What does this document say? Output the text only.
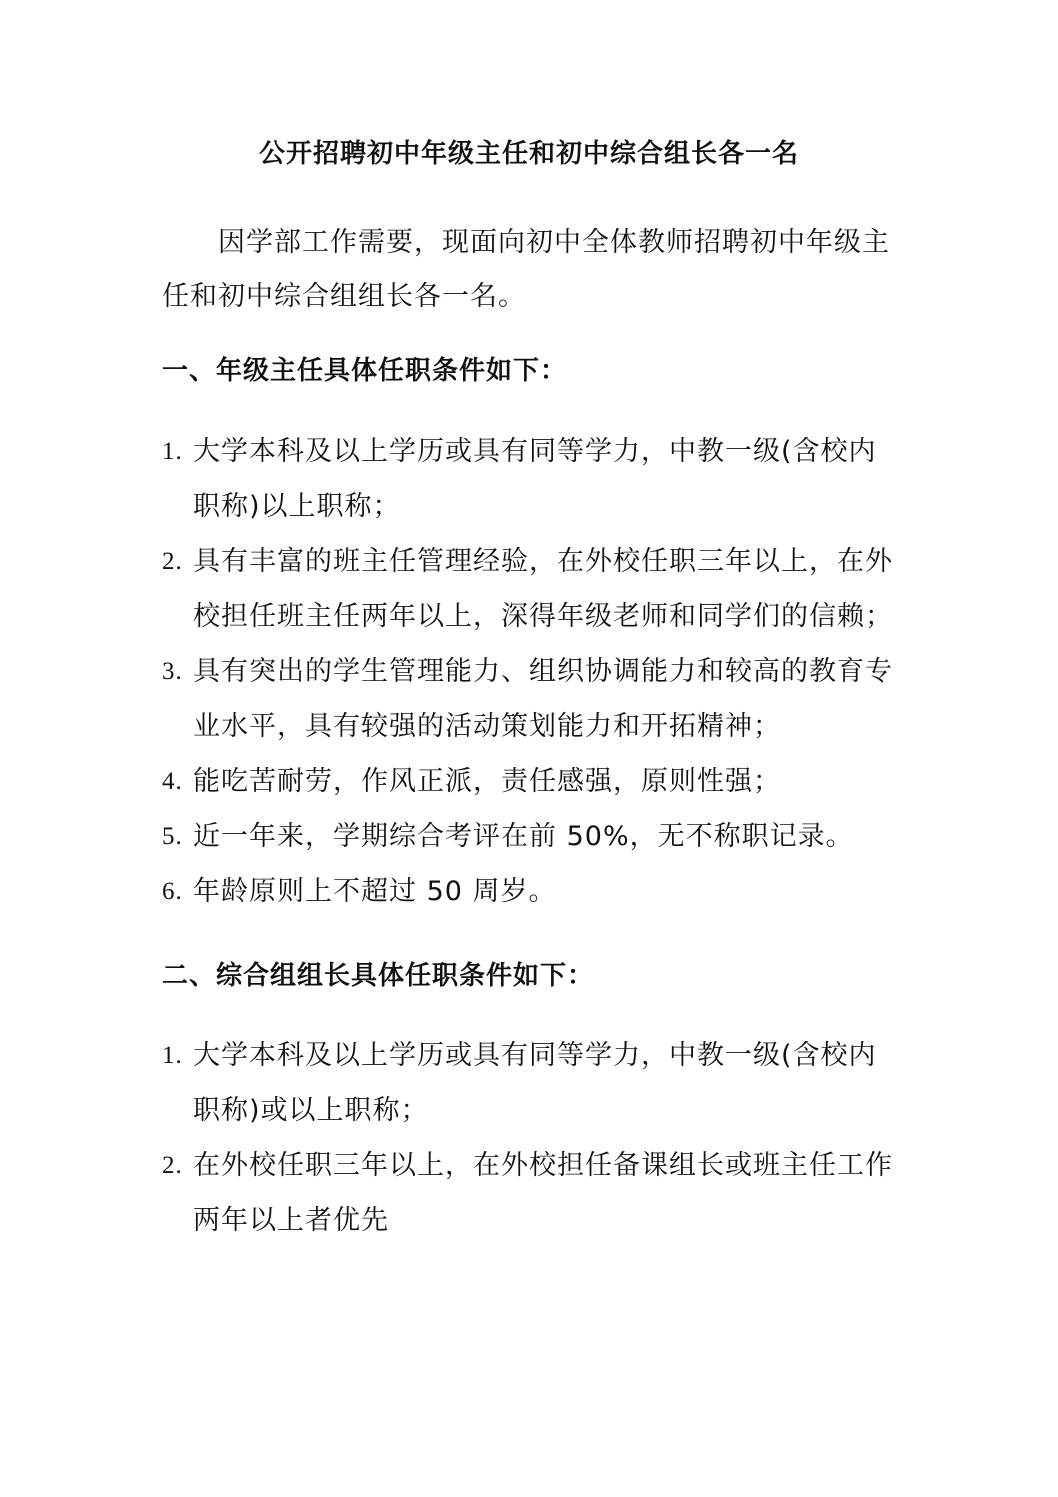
公开招聘初中年级主任和初中综合组长各一名
因学部工作需要，现面向初中全体教师招聘初中年级主任和初中综合组组长各一名。
一、年级主任具体任职条件如下：
1. 大学本科及以上学历或具有同等学力，中教一级(含校内职称)以上职称；
2. 具有丰富的班主任管理经验，在外校任职三年以上，在外校担任班主任两年以上，深得年级老师和同学们的信赖；
3. 具有突出的学生管理能力、组织协调能力和较高的教育专业水平，具有较强的活动策划能力和开拓精神；
4. 能吃苦耐劳，作风正派，责任感强，原则性强；
5. 近一年来，学期综合考评在前 50%，无不称职记录。
6. 年龄原则上不超过 50 周岁。
二、综合组组长具体任职条件如下：
1. 大学本科及以上学历或具有同等学力，中教一级(含校内职称)或以上职称；
2. 在外校任职三年以上，在外校担任备课组长或班主任工作两年以上者优先
